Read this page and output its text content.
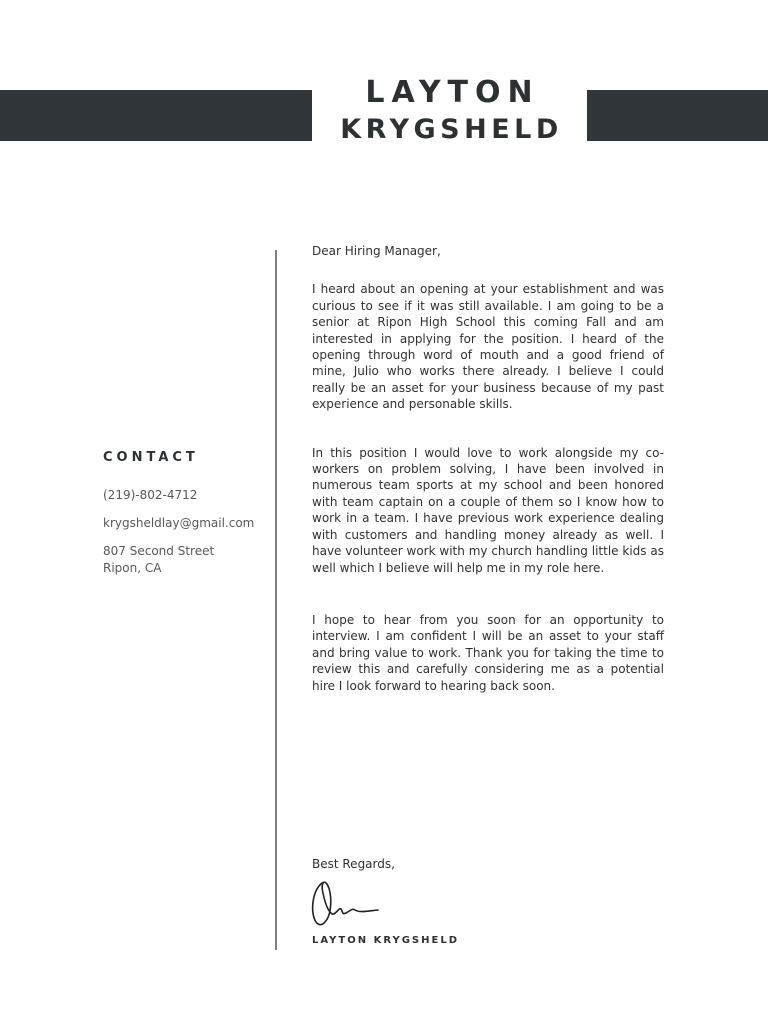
LAYTON
KRYGSHELD
CONTACT
(219)-802-4712
krygsheldlay@gmail.com
807 Second Street
Ripon, CA

Dear Hiring Manager,

I heard about an opening at your establishment and was curious to see if it was still available. I am going to be a senior at Ripon High School this coming Fall and am interested in applying for the position. I heard of the opening through word of mouth and a good friend of mine, Julio who works there already. I believe I could really be an asset for your business because of my past experience and personable skills.

In this position I would love to work alongside my co-workers on problem solving, I have been involved in numerous team sports at my school and been honored with team captain on a couple of them so I know how to work in a team. I have previous work experience dealing with customers and handling money already as well. I have volunteer work with my church handling little kids as well which I believe will help me in my role here.

I hope to hear from you soon for an opportunity to interview. I am confident I will be an asset to your staff and bring value to work. Thank you for taking the time to review this and carefully considering me as a potential hire I look forward to hearing back soon.

Best Regards,
LAYTON KRYGSHELD
